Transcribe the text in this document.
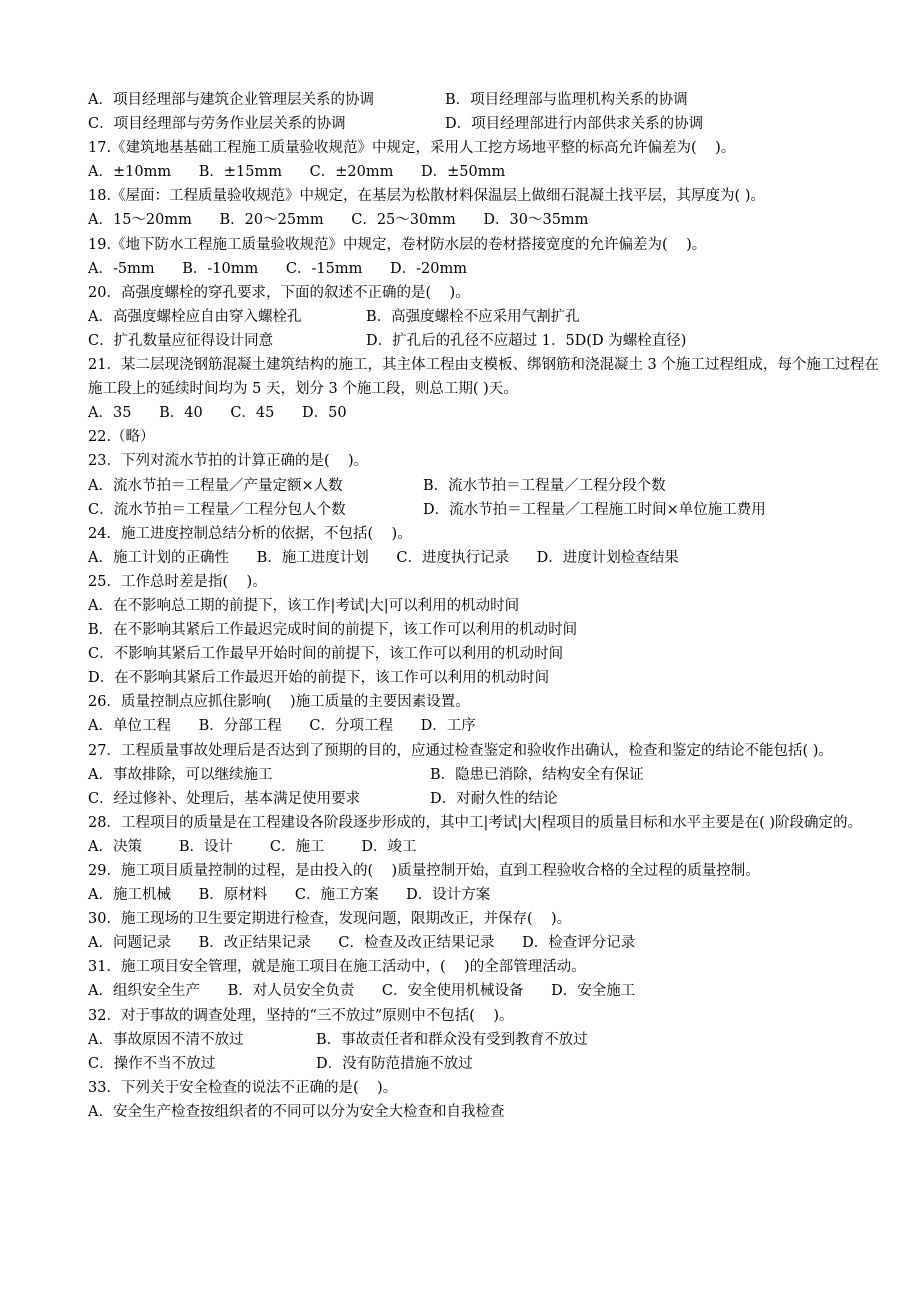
A．项目经理部与建筑企业管理层关系的协调	B．项目经理部与监理机构关系的协调
C．项目经理部与劳务作业层关系的协调	D．项目经理部进行内部供求关系的协调
17.《建筑地基基础工程施工质量验收规范》中规定，采用人工挖方场地平整的标高允许偏差为(    )。
A．±10mm      B．±15mm      C．±20mm      D．±50mm
18.《屋面：工程质量验收规范》中规定，在基层为松散材料保温层上做细石混凝土找平层，其厚度为( )。
A．15～20mm      B．20～25mm      C．25～30mm      D．30～35mm
19.《地下防水工程施工质量验收规范》中规定，卷材防水层的卷材搭接宽度的允许偏差为(    )。
A．-5mm      B．-10mm      C．-15mm      D．-20mm
20．高强度螺栓的穿孔要求，下面的叙述不正确的是(    )。
A．高强度螺栓应自由穿入螺栓孔	B．高强度螺栓不应采用气割扩孔
C．扩孔数量应征得设计同意	D．扩孔后的孔径不应超过 1．5D(D 为螺栓直径)
21．某二层现浇钢筋混凝土建筑结构的施工，其主体工程由支模板、绑钢筋和浇混凝土 3 个施工过程组成，每个施工过程在施工段上的延续时间均为 5 天，划分 3 个施工段，则总工期( )天。
A．35      B．40      C．45      D．50
22.（略）
23．下列对流水节拍的计算正确的是(    )。
A．流水节拍＝工程量／产量定额×人数	B．流水节拍＝工程量／工程分段个数
C．流水节拍＝工程量／工程分包人个数	D．流水节拍＝工程量／工程施工时间×单位施工费用
24．施工进度控制总结分析的依据，不包括(    )。
A．施工计划的正确性      B．施工进度计划      C．进度执行记录      D．进度计划检查结果
25．工作总时差是指(    )。
A．在不影响总工期的前提下，该工作|考试|大|可以利用的机动时间
B．在不影响其紧后工作最迟完成时间的前提下，该工作可以利用的机动时间
C．不影响其紧后工作最早开始时间的前提下，该工作可以利用的机动时间
D．在不影响其紧后工作最迟开始的前提下，该工作可以利用的机动时间
26．质量控制点应抓住影响(    )施工质量的主要因素设置。
A．单位工程      B．分部工程      C．分项工程      D．工序
27．工程质量事故处理后是否达到了预期的目的，应通过检查鉴定和验收作出确认，检查和鉴定的结论不能包括( )。
A．事故排除，可以继续施工	B．隐患已消除，结构安全有保证
C．经过修补、处理后，基本满足使用要求	D．对耐久性的结论
28．工程项目的质量是在工程建设各阶段逐步形成的，其中工|考试|大|程项目的质量目标和水平主要是在( )阶段确定的。
A．决策        B．设计        C．施工        D．竣工
29．施工项目质量控制的过程，是由投入的(    )质量控制开始，直到工程验收合格的全过程的质量控制。
A．施工机械      B．原材料      C．施工方案      D．设计方案
30．施工现场的卫生要定期进行检查，发现问题，限期改正，并保存(    )。
A．问题记录      B．改正结果记录      C．检查及改正结果记录      D．检查评分记录
31．施工项目安全管理，就是施工项目在施工活动中，(    )的全部管理活动。
A．组织安全生产      B．对人员安全负责      C．安全使用机械设备      D．安全施工
32．对于事故的调查处理，坚持的“三不放过”原则中不包括(    )。
A．事故原因不清不放过	B．事故责任者和群众没有受到教育不放过
C．操作不当不放过	D．没有防范措施不放过
33．下列关于安全检查的说法不正确的是(    )。
A．安全生产检查按组织者的不同可以分为安全大检查和自我检查
